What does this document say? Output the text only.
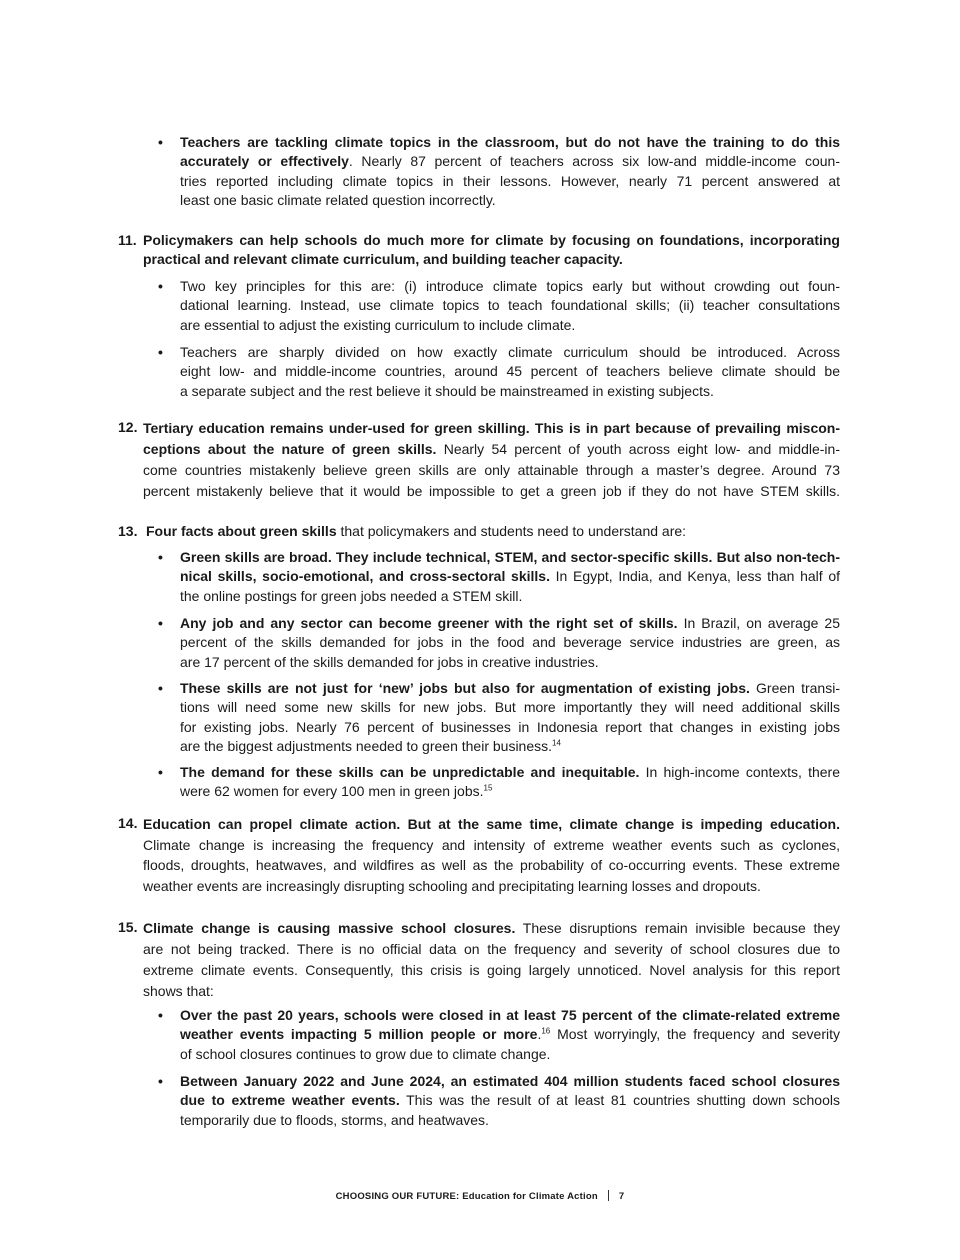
• Teachers are tackling climate topics in the classroom, but do not have the training to do this
accurately or effectively. Nearly 87 percent of teachers across six low-and middle-income coun-
tries reported including climate topics in their lessons. However, nearly 71 percent answered at
least one basic climate related question incorrectly.
11. Policymakers can help schools do much more for climate by focusing on foundations, incorporating
practical and relevant climate curriculum, and building teacher capacity.
• Two key principles for this are: (i) introduce climate topics early but without crowding out foun-
dational learning. Instead, use climate topics to teach foundational skills; (ii) teacher consultations
are essential to adjust the existing curriculum to include climate.
• Teachers are sharply divided on how exactly climate curriculum should be introduced. Across
eight low- and middle-income countries, around 45 percent of teachers believe climate should be
a separate subject and the rest believe it should be mainstreamed in existing subjects.
12. Tertiary education remains under-used for green skilling. This is in part because of prevailing miscon-
ceptions about the nature of green skills. Nearly 54 percent of youth across eight low- and middle-in-
come countries mistakenly believe green skills are only attainable through a master’s degree. Around 73
percent mistakenly believe that it would be impossible to get a green job if they do not have STEM skills.
13. Four facts about green skills that policymakers and students need to understand are:
• Green skills are broad. They include technical, STEM, and sector-specific skills. But also non-tech-
nical skills, socio-emotional, and cross-sectoral skills. In Egypt, India, and Kenya, less than half of
the online postings for green jobs needed a STEM skill.
• Any job and any sector can become greener with the right set of skills. In Brazil, on average 25
percent of the skills demanded for jobs in the food and beverage service industries are green, as
are 17 percent of the skills demanded for jobs in creative industries.
• These skills are not just for ‘new’ jobs but also for augmentation of existing jobs. Green transi-
tions will need some new skills for new jobs. But more importantly they will need additional skills
for existing jobs. Nearly 76 percent of businesses in Indonesia report that changes in existing jobs
are the biggest adjustments needed to green their business.$^{14}$
• The demand for these skills can be unpredictable and inequitable. In high-income contexts, there
were 62 women for every 100 men in green jobs.$^{15}$
14. Education can propel climate action. But at the same time, climate change is impeding education.
Climate change is increasing the frequency and intensity of extreme weather events such as cyclones,
floods, droughts, heatwaves, and wildfires as well as the probability of co-occurring events. These extreme
weather events are increasingly disrupting schooling and precipitating learning losses and dropouts.
15. Climate change is causing massive school closures. These disruptions remain invisible because they
are not being tracked. There is no official data on the frequency and severity of school closures due to
extreme climate events. Consequently, this crisis is going largely unnoticed. Novel analysis for this report
shows that:
• Over the past 20 years, schools were closed in at least 75 percent of the climate-related extreme
weather events impacting 5 million people or more.$^{16}$ Most worryingly, the frequency and severity
of school closures continues to grow due to climate change.
• Between January 2022 and June 2024, an estimated 404 million students faced school closures
due to extreme weather events. This was the result of at least 81 countries shutting down schools
temporarily due to floods, storms, and heatwaves.
CHOOSING OUR FUTURE: Education for Climate Action 7
